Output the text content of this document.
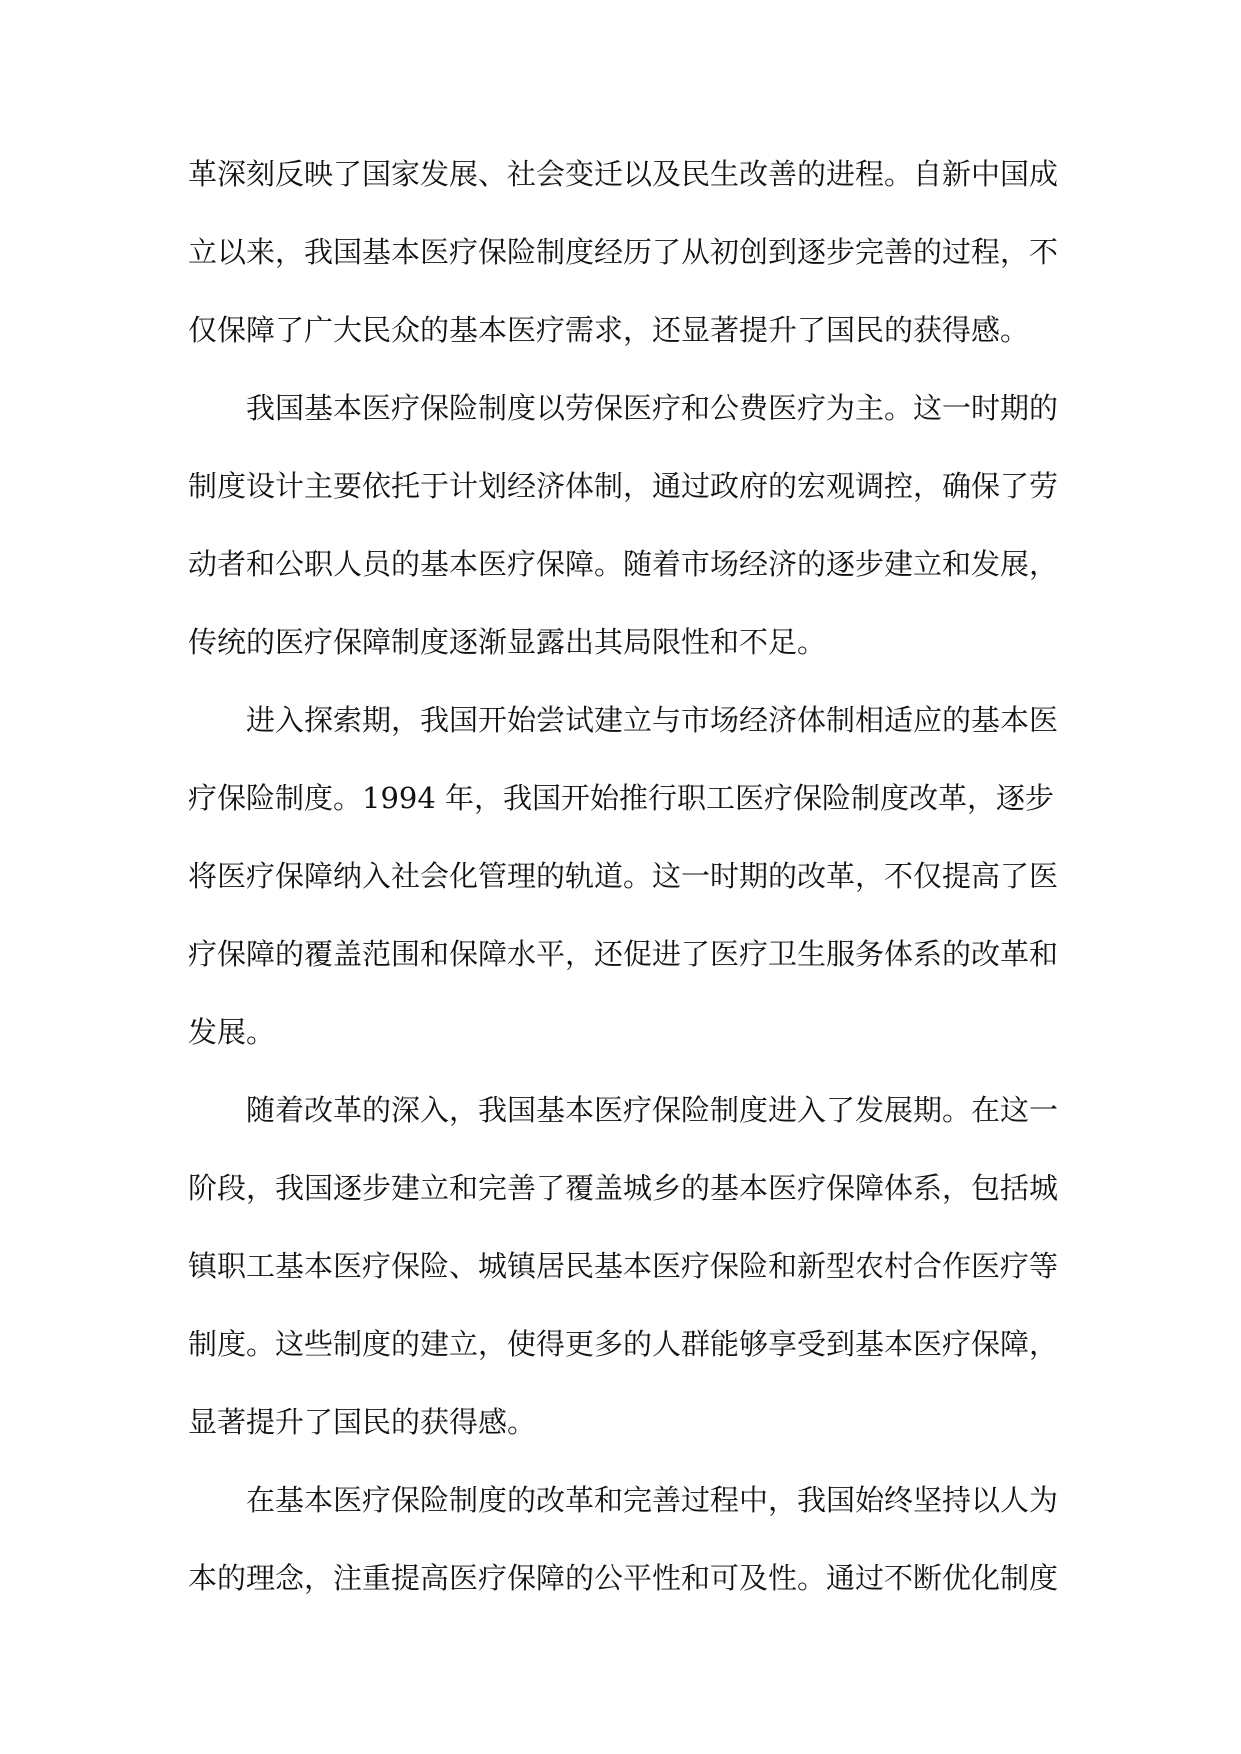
革深刻反映了国家发展、社会变迁以及民生改善的进程。自新中国成
立以来，我国基本医疗保险制度经历了从初创到逐步完善的过程，不
仅保障了广大民众的基本医疗需求，还显著提升了国民的获得感。
我国基本医疗保险制度以劳保医疗和公费医疗为主。这一时期的
制度设计主要依托于计划经济体制，通过政府的宏观调控，确保了劳
动者和公职人员的基本医疗保障。随着市场经济的逐步建立和发展，
传统的医疗保障制度逐渐显露出其局限性和不足。
进入探索期，我国开始尝试建立与市场经济体制相适应的基本医
疗保险制度。1994 年，我国开始推行职工医疗保险制度改革，逐步
将医疗保障纳入社会化管理的轨道。这一时期的改革，不仅提高了医
疗保障的覆盖范围和保障水平，还促进了医疗卫生服务体系的改革和
发展。
随着改革的深入，我国基本医疗保险制度进入了发展期。在这一
阶段，我国逐步建立和完善了覆盖城乡的基本医疗保障体系，包括城
镇职工基本医疗保险、城镇居民基本医疗保险和新型农村合作医疗等
制度。这些制度的建立，使得更多的人群能够享受到基本医疗保障，
显著提升了国民的获得感。
在基本医疗保险制度的改革和完善过程中，我国始终坚持以人为
本的理念，注重提高医疗保障的公平性和可及性。通过不断优化制度
